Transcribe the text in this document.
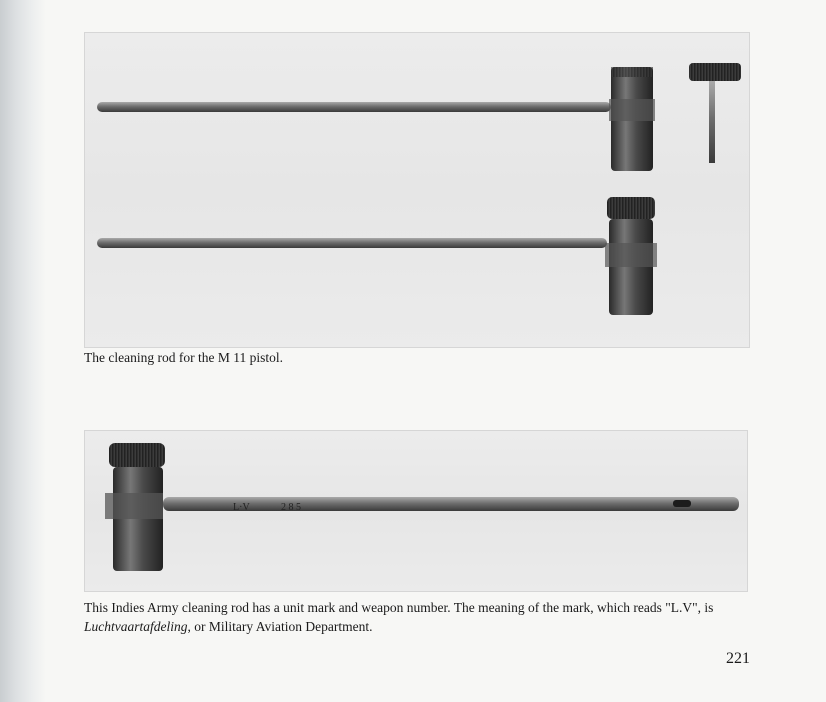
The cleaning rod for the M 11 pistol.
L·V	2 8 5
This Indies Army cleaning rod has a unit mark and weapon number. The meaning of the mark, which reads "L.V", is
Luchtvaartafdeling, or Military Aviation Department.
221
